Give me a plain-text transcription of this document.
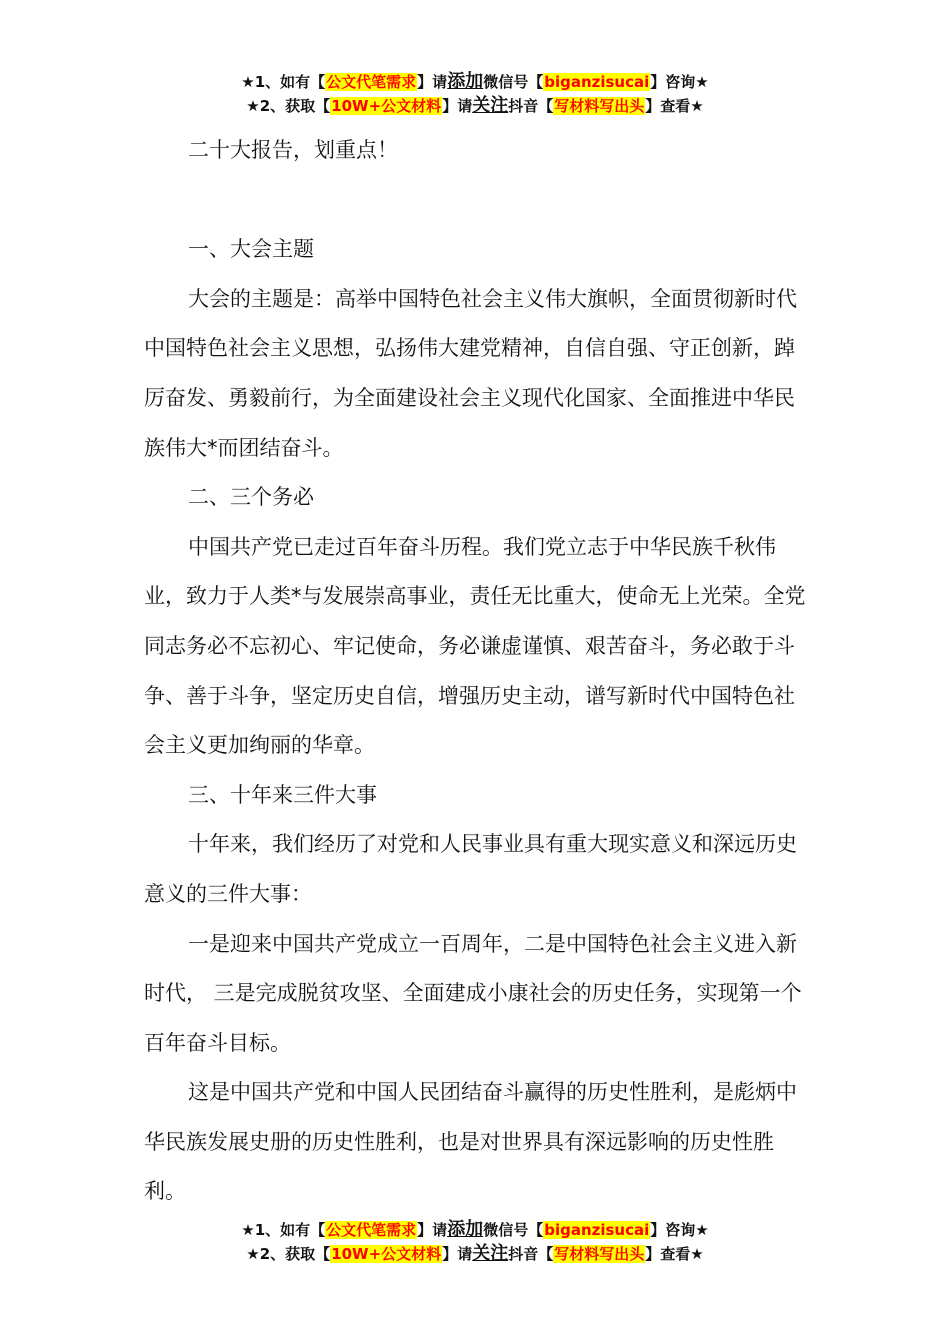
★1、如有【公文代笔需求】请添加微信号【biganzisucai】咨询★
★2、获取【10W+公文材料】请关注抖音【写材料写出头】查看★

二十大报告，划重点！

一、大会主题

大会的主题是：高举中国特色社会主义伟大旗帜，全面贯彻新时代中国特色社会主义思想，弘扬伟大建党精神，自信自强、守正创新，踔厉奋发、勇毅前行，为全面建设社会主义现代化国家、全面推进中华民族伟大*而团结奋斗。

二、三个务必

中国共产党已走过百年奋斗历程。我们党立志于中华民族千秋伟业，致力于人类*与发展崇高事业，责任无比重大，使命无上光荣。全党同志务必不忘初心、牢记使命，务必谦虚谨慎、艰苦奋斗，务必敢于斗争、善于斗争，坚定历史自信，增强历史主动，谱写新时代中国特色社会主义更加绚丽的华章。

三、十年来三件大事

十年来，我们经历了对党和人民事业具有重大现实意义和深远历史意义的三件大事：

一是迎来中国共产党成立一百周年，二是中国特色社会主义进入新时代， 三是完成脱贫攻坚、全面建成小康社会的历史任务，实现第一个百年奋斗目标。

这是中国共产党和中国人民团结奋斗赢得的历史性胜利，是彪炳中华民族发展史册的历史性胜利，也是对世界具有深远影响的历史性胜利。

★1、如有【公文代笔需求】请添加微信号【biganzisucai】咨询★
★2、获取【10W+公文材料】请关注抖音【写材料写出头】查看★
